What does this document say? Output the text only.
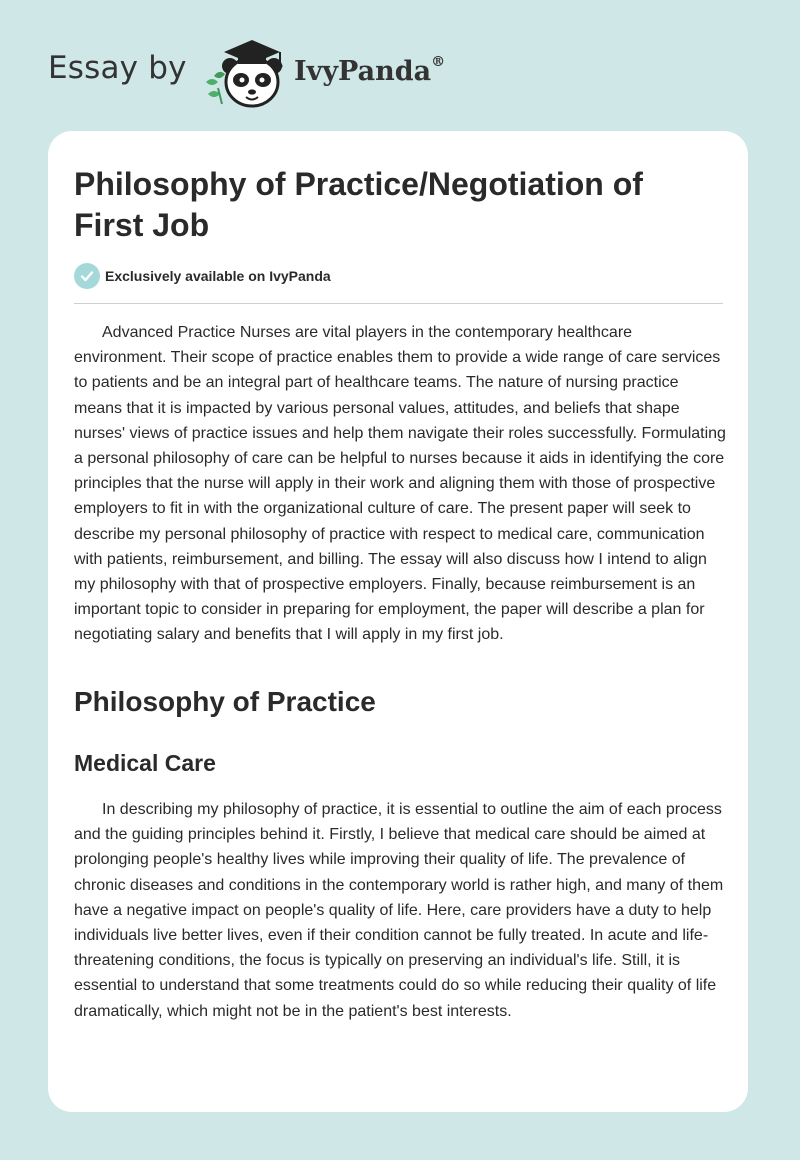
Essay by	IvyPanda®
Philosophy of Practice/Negotiation of First Job
Exclusively available on IvyPanda

Advanced Practice Nurses are vital players in the contemporary healthcare environment. Their scope of practice enables them to provide a wide range of care services to patients and be an integral part of healthcare teams. The nature of nursing practice means that it is impacted by various personal values, attitudes, and beliefs that shape nurses' views of practice issues and help them navigate their roles successfully. Formulating a personal philosophy of care can be helpful to nurses because it aids in identifying the core principles that the nurse will apply in their work and aligning them with those of prospective employers to fit in with the organizational culture of care. The present paper will seek to describe my personal philosophy of practice with respect to medical care, communication with patients, reimbursement, and billing. The essay will also discuss how I intend to align my philosophy with that of prospective employers. Finally, because reimbursement is an important topic to consider in preparing for employment, the paper will describe a plan for negotiating salary and benefits that I will apply in my first job.

Philosophy of Practice
Medical Care

In describing my philosophy of practice, it is essential to outline the aim of each process and the guiding principles behind it. Firstly, I believe that medical care should be aimed at prolonging people's healthy lives while improving their quality of life. The prevalence of chronic diseases and conditions in the contemporary world is rather high, and many of them have a negative impact on people's quality of life. Here, care providers have a duty to help individuals live better lives, even if their condition cannot be fully treated. In acute and life-threatening conditions, the focus is typically on preserving an individual's life. Still, it is essential to understand that some treatments could do so while reducing their quality of life dramatically, which might not be in the patient's best interests.
